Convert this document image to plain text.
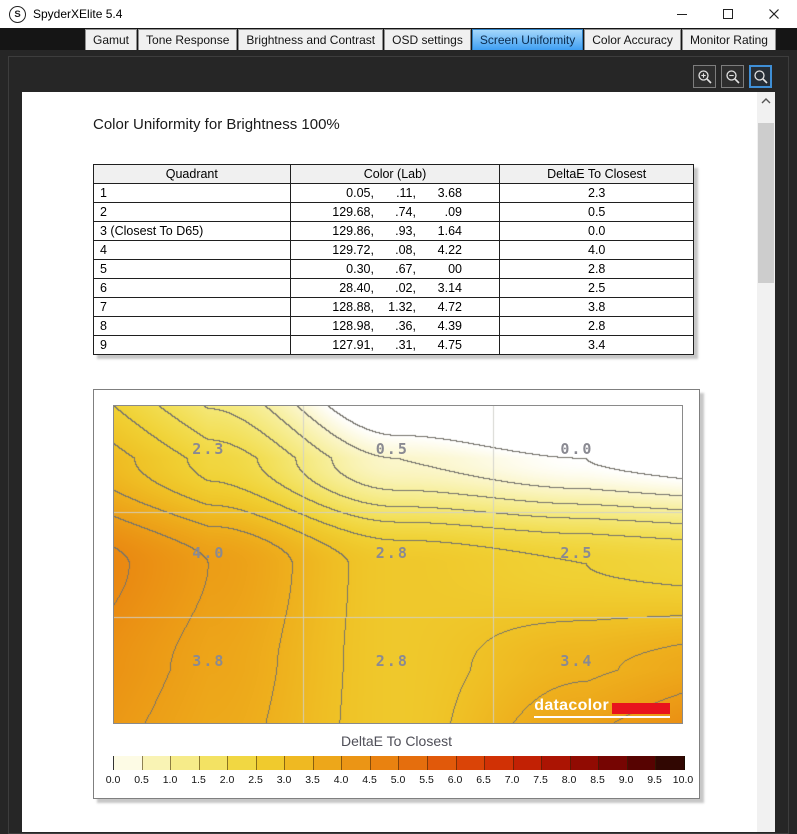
S SpyderXElite 5.4
Gamut	Tone Response	Brightness and Contrast	OSD settings	Screen Uniformity	Color Accuracy	Monitor Rating
Color Uniformity for Brightness 100%
Quadrant	Color (Lab)	DeltaE To Closest
1	0.05, .11, 3.68	2.3
2	129.68, .74, .09	0.5
3 (Closest To D65)	129.86, .93, 1.64	0.0
4	129.72, .08, 4.22	4.0
5	0.30, .67, 00	2.8
6	28.40, .02, 3.14	2.5
7	128.88, 1.32, 4.72	3.8
8	128.98, .36, 4.39	2.8
9	127.91, .31, 4.75	3.4
2.3	0.5	0.0
4.0	2.8	2.5
3.8	2.8	3.4
datacolor
DeltaE To Closest
0.0 0.5 1.0 1.5 2.0 2.5 3.0 3.5 4.0 4.5 5.0 5.5 6.0 6.5 7.0 7.5 8.0 8.5 9.0 9.5 10.0
